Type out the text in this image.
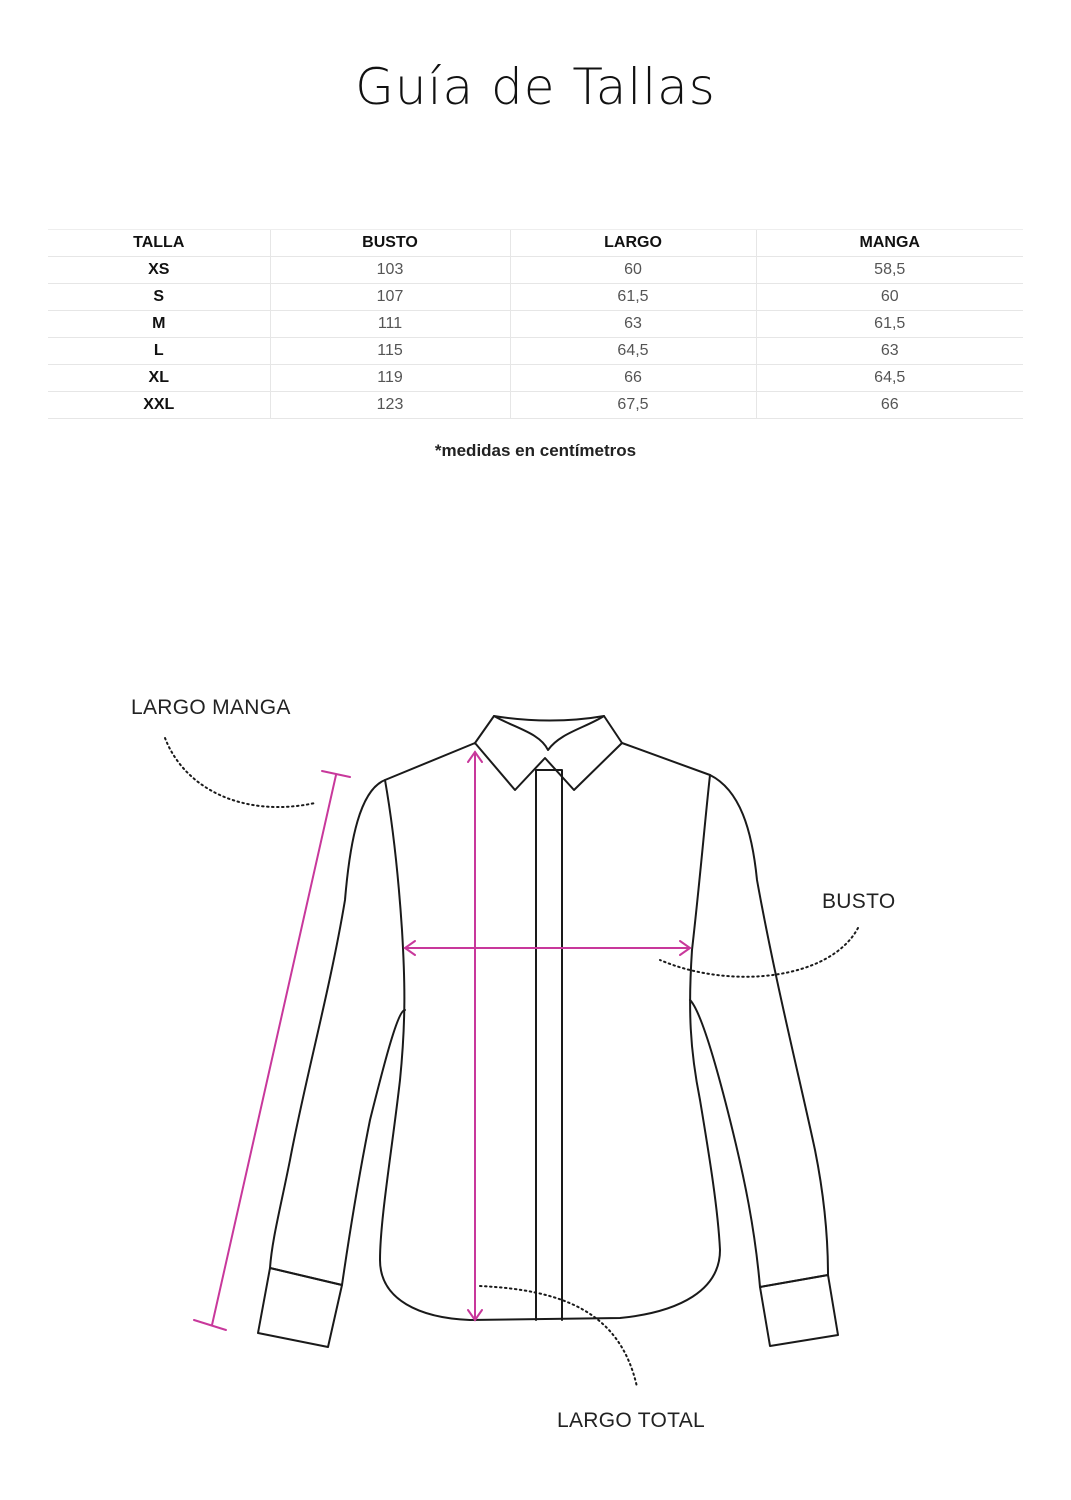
Guía de Tallas
TALLA	BUSTO	LARGO	MANGA
XS	103	60	58,5
S	107	61,5	60
M	111	63	61,5
L	115	64,5	63
XL	119	66	64,5
XXL	123	67,5	66
*medidas en centímetros
LARGO MANGA
BUSTO
LARGO TOTAL
